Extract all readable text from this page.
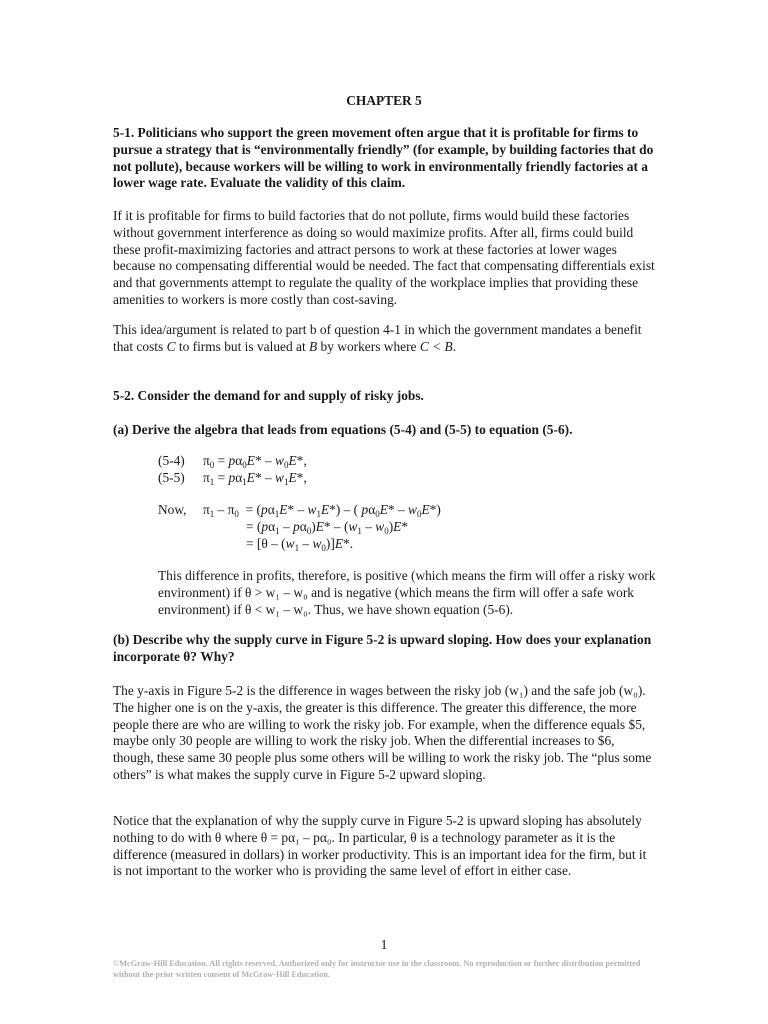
CHAPTER 5

5-1. Politicians who support the green movement often argue that it is profitable for firms to pursue a strategy that is “environmentally friendly” (for example, by building factories that do not pollute), because workers will be willing to work in environmentally friendly factories at a lower wage rate. Evaluate the validity of this claim.

If it is profitable for firms to build factories that do not pollute, firms would build these factories without government interference as doing so would maximize profits. After all, firms could build these profit-maximizing factories and attract persons to work at these factories at lower wages because no compensating differential would be needed. The fact that compensating differentials exist and that governments attempt to regulate the quality of the workplace implies that providing these amenities to workers is more costly than cost-saving.

This idea/argument is related to part b of question 4-1 in which the government mandates a benefit that costs C to firms but is valued at B by workers where C < B.

5-2. Consider the demand for and supply of risky jobs.

(a) Derive the algebra that leads from equations (5-4) and (5-5) to equation (5-6).

(5-4) $\pi_0 = p\alpha_0E* - w_0E*$,
(5-5) $\pi_1 = p\alpha_1E* - w_1E*$,
Now, $\pi_1 - \pi_0 = (p\alpha_1E* - w_1E*)$ – ( $p\alpha_0E* - w_0E*$)
= $(p\alpha_1 - p\alpha_0)E* - (w_1 - w_0)E*$
= $[\theta - (w_1 - w_0)]E*$.

This difference in profits, therefore, is positive (which means the firm will offer a risky work environment) if θ > w₁ – w₀ and is negative (which means the firm will offer a safe work environment) if θ < w₁ – w₀. Thus, we have shown equation (5-6).

(b) Describe why the supply curve in Figure 5-2 is upward sloping. How does your explanation incorporate θ? Why?

The y-axis in Figure 5-2 is the difference in wages between the risky job (w₁) and the safe job (w₀). The higher one is on the y-axis, the greater is this difference. The greater this difference, the more people there are who are willing to work the risky job. For example, when the difference equals $5, maybe only 30 people are willing to work the risky job. When the differential increases to $6, though, these same 30 people plus some others will be willing to work the risky job. The “plus some others” is what makes the supply curve in Figure 5-2 upward sloping.

Notice that the explanation of why the supply curve in Figure 5-2 is upward sloping has absolutely nothing to do with θ where θ = pα₁ – pα₀. In particular, θ is a technology parameter as it is the difference (measured in dollars) in worker productivity. This is an important idea for the firm, but it is not important to the worker who is providing the same level of effort in either case.

1
©McGraw-Hill Education. All rights reserved. Authorized only for instructor use in the classroom. No reproduction or further distribution permitted without the prior written consent of McGraw-Hill Education.
